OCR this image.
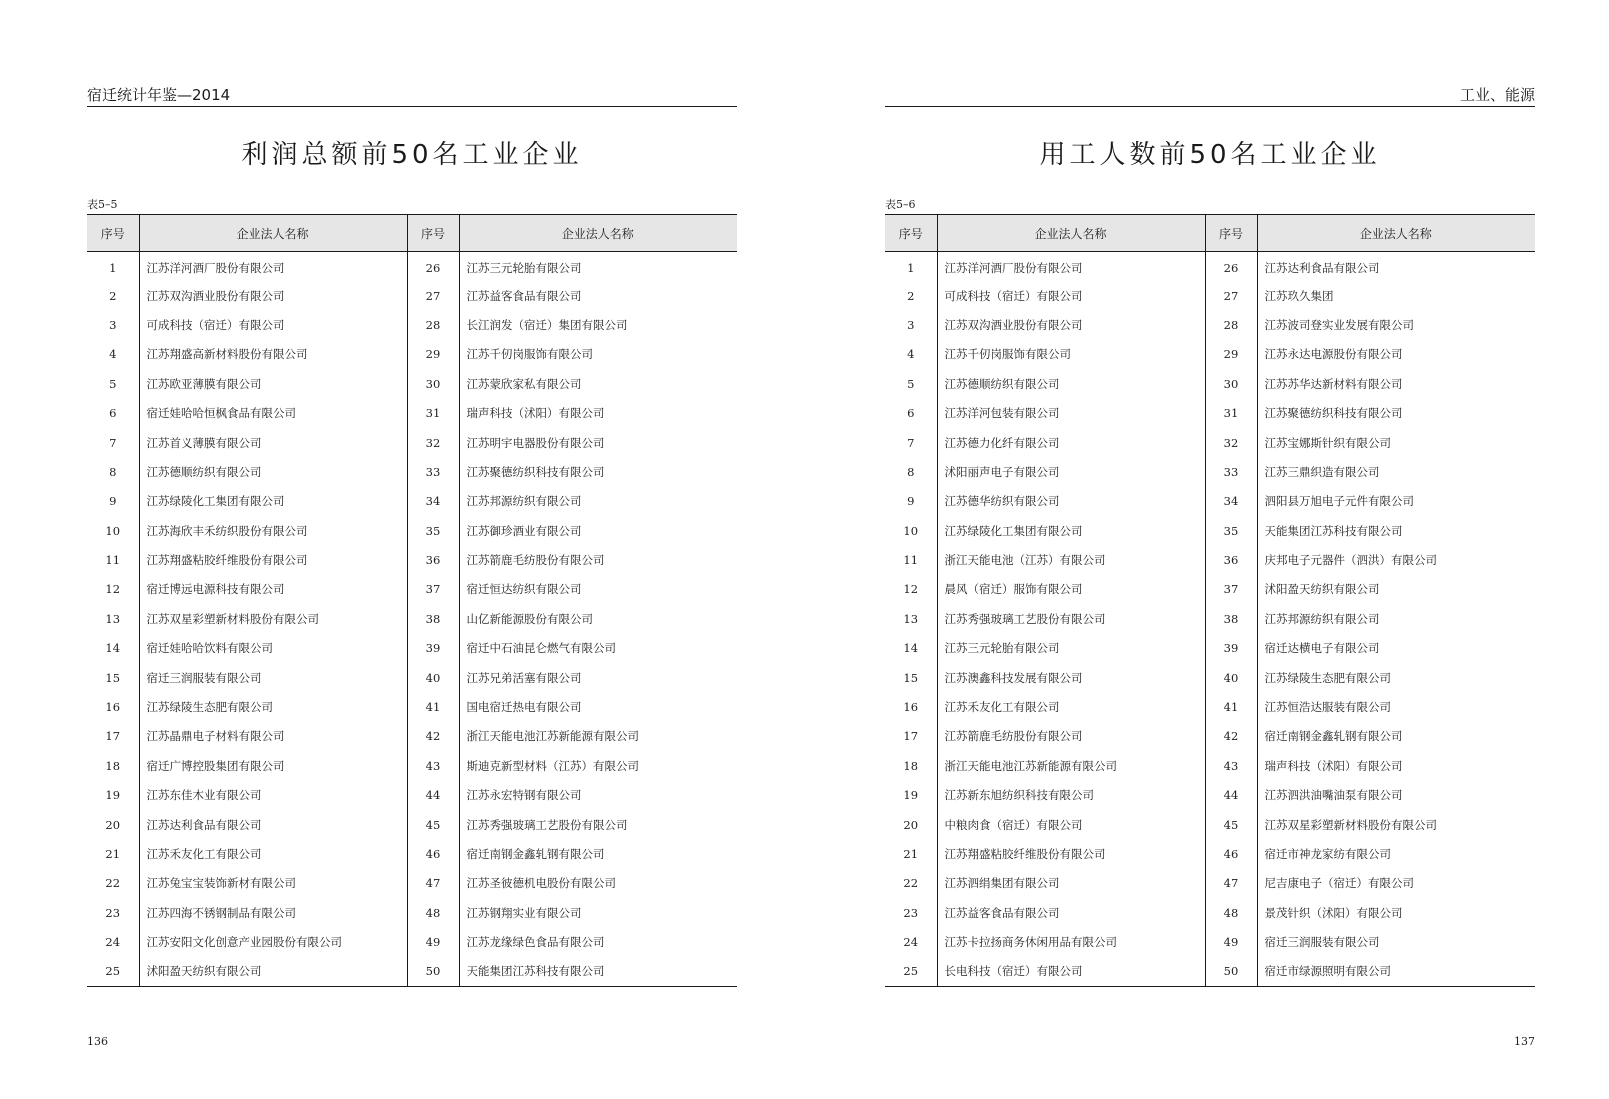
宿迁统计年鉴—2014
利润总额前50名工业企业
表5–5
序号	企业法人名称	序号	企业法人名称
1	江苏洋河酒厂股份有限公司	26	江苏三元轮胎有限公司
2	江苏双沟酒业股份有限公司	27	江苏益客食品有限公司
3	可成科技（宿迁）有限公司	28	长江润发（宿迁）集团有限公司
4	江苏翔盛高新材料股份有限公司	29	江苏千仞岗服饰有限公司
5	江苏欧亚薄膜有限公司	30	江苏蒙欣家私有限公司
6	宿迁娃哈哈恒枫食品有限公司	31	瑞声科技（沭阳）有限公司
7	江苏首义薄膜有限公司	32	江苏明宇电器股份有限公司
8	江苏德顺纺织有限公司	33	江苏聚德纺织科技有限公司
9	江苏绿陵化工集团有限公司	34	江苏邦源纺织有限公司
10	江苏海欣丰禾纺织股份有限公司	35	江苏御珍酒业有限公司
11	江苏翔盛粘胶纤维股份有限公司	36	江苏箭鹿毛纺股份有限公司
12	宿迁博远电源科技有限公司	37	宿迁恒达纺织有限公司
13	江苏双星彩塑新材料股份有限公司	38	山亿新能源股份有限公司
14	宿迁娃哈哈饮料有限公司	39	宿迁中石油昆仑燃气有限公司
15	宿迁三润服装有限公司	40	江苏兄弟活塞有限公司
16	江苏绿陵生态肥有限公司	41	国电宿迁热电有限公司
17	江苏晶鼎电子材料有限公司	42	浙江天能电池江苏新能源有限公司
18	宿迁广博控股集团有限公司	43	斯迪克新型材料（江苏）有限公司
19	江苏东佳木业有限公司	44	江苏永宏特钢有限公司
20	江苏达利食品有限公司	45	江苏秀强玻璃工艺股份有限公司
21	江苏禾友化工有限公司	46	宿迁南钢金鑫轧钢有限公司
22	江苏兔宝宝装饰新材有限公司	47	江苏圣彼德机电股份有限公司
23	江苏四海不锈钢制品有限公司	48	江苏钢翔实业有限公司
24	江苏安阳文化创意产业园股份有限公司	49	江苏龙缘绿色食品有限公司
25	沭阳盈天纺织有限公司	50	天能集团江苏科技有限公司
136
工业、能源
用工人数前50名工业企业
表5–6
序号	企业法人名称	序号	企业法人名称
1	江苏洋河酒厂股份有限公司	26	江苏达利食品有限公司
2	可成科技（宿迁）有限公司	27	江苏玖久集团
3	江苏双沟酒业股份有限公司	28	江苏波司登实业发展有限公司
4	江苏千仞岗服饰有限公司	29	江苏永达电源股份有限公司
5	江苏德顺纺织有限公司	30	江苏苏华达新材料有限公司
6	江苏洋河包装有限公司	31	江苏聚德纺织科技有限公司
7	江苏德力化纤有限公司	32	江苏宝娜斯针织有限公司
8	沭阳丽声电子有限公司	33	江苏三鼎织造有限公司
9	江苏德华纺织有限公司	34	泗阳县万旭电子元件有限公司
10	江苏绿陵化工集团有限公司	35	天能集团江苏科技有限公司
11	浙江天能电池（江苏）有限公司	36	庆邦电子元器件（泗洪）有限公司
12	晨风（宿迁）服饰有限公司	37	沭阳盈天纺织有限公司
13	江苏秀强玻璃工艺股份有限公司	38	江苏邦源纺织有限公司
14	江苏三元轮胎有限公司	39	宿迁达横电子有限公司
15	江苏澳鑫科技发展有限公司	40	江苏绿陵生态肥有限公司
16	江苏禾友化工有限公司	41	江苏恒浩达服装有限公司
17	江苏箭鹿毛纺股份有限公司	42	宿迁南钢金鑫轧钢有限公司
18	浙江天能电池江苏新能源有限公司	43	瑞声科技（沭阳）有限公司
19	江苏新东旭纺织科技有限公司	44	江苏泗洪油嘴油泵有限公司
20	中粮肉食（宿迁）有限公司	45	江苏双星彩塑新材料股份有限公司
21	江苏翔盛粘胶纤维股份有限公司	46	宿迁市神龙家纺有限公司
22	江苏泗绢集团有限公司	47	尼吉康电子（宿迁）有限公司
23	江苏益客食品有限公司	48	景茂针织（沭阳）有限公司
24	江苏卡拉扬商务休闲用品有限公司	49	宿迁三润服装有限公司
25	长电科技（宿迁）有限公司	50	宿迁市绿源照明有限公司
137
